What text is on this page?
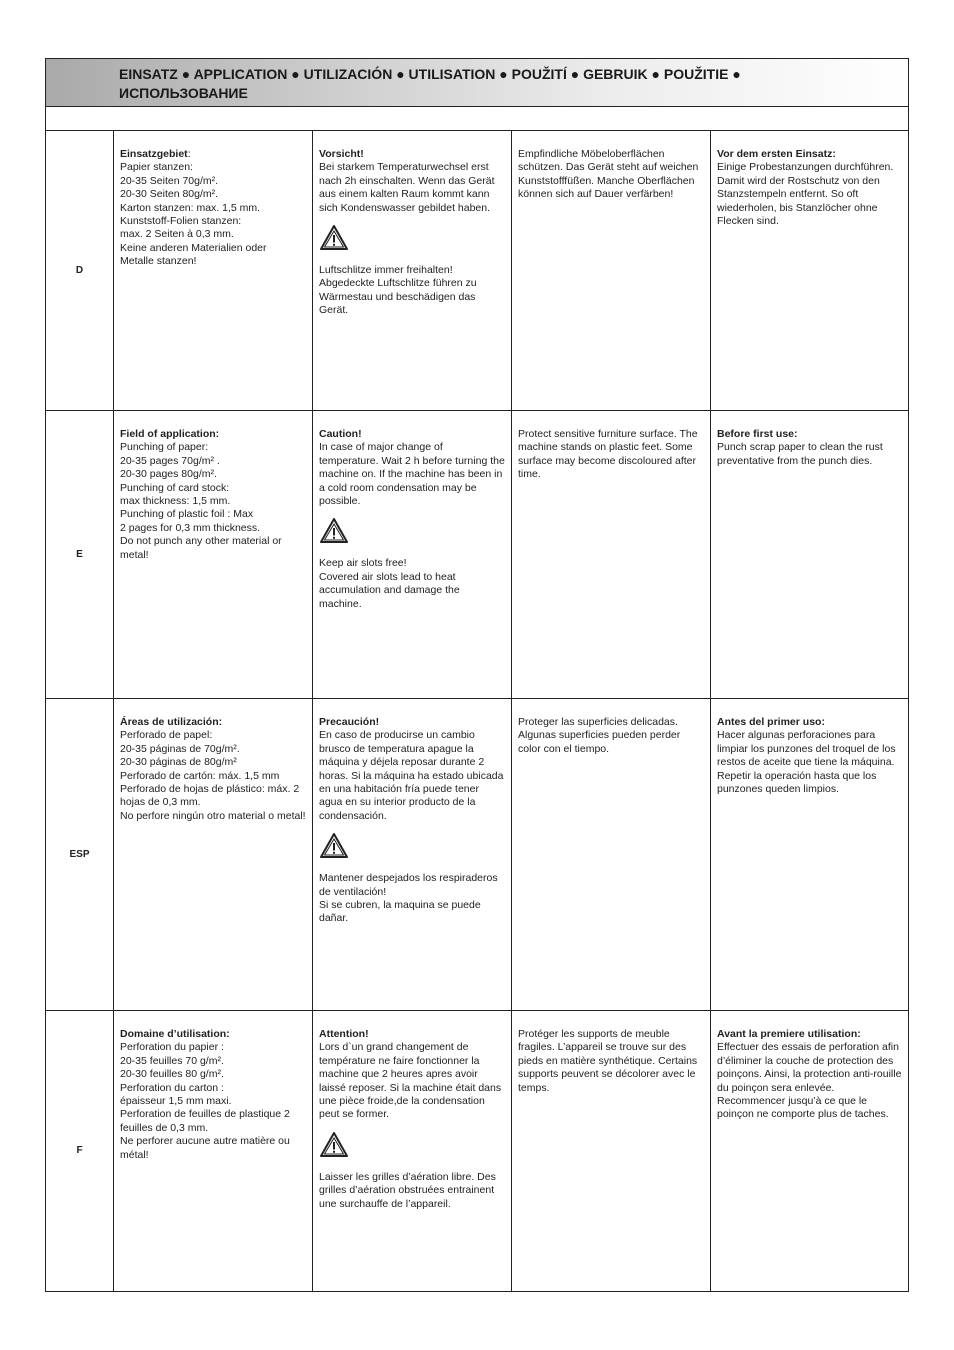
EINSATZ ● APPLICATION ● UTILIZACIÓN ● UTILISATION ● POUŽITÍ ● GEBRUIK ● POUŽITIE ● ИСПОЛЬЗОВАНИЕ
D
Einsatzgebiet:
Papier stanzen:
20-35 Seiten 70g/m².
20-30 Seiten 80g/m².
Karton stanzen: max. 1,5 mm.
Kunststoff-Folien stanzen:
max. 2 Seiten à 0,3 mm.
Keine anderen Materialien oder
Metalle stanzen!
Vorsicht!
Bei starkem Temperaturwechsel erst nach 2h einschalten. Wenn das Gerät aus einem kalten Raum kommt kann sich Kondenswasser gebildet haben.
Luftschlitze immer freihalten!
Abgedeckte Luftschlitze führen zu Wärmestau und beschädigen das Gerät.
Empfindliche Möbeloberflächen schützen. Das Gerät steht auf weichen Kunststofffüßen. Manche Oberflächen können sich auf Dauer verfärben!
Vor dem ersten Einsatz:
Einige Probestanzungen durchführen. Damit wird der Rostschutz von den Stanzstempeln entfernt. So oft wiederholen, bis Stanzlöcher ohne Flecken sind.
E
Field of application:
Punching of paper:
20-35 pages 70g/m² .
20-30 pages 80g/m².
Punching of card stock:
max thickness: 1,5 mm.
Punching of plastic foil : Max
2 pages for 0,3 mm thickness.
Do not punch any other material or metal!
Caution!
In case of major change of temperature. Wait 2 h before turning the machine on. If the machine has been in a cold room condensation may be possible.
Keep air slots free!
Covered air slots lead to heat accumulation and damage the machine.
Protect sensitive furniture surface. The machine stands on plastic feet. Some surface may become discoloured after time.
Before first use:
Punch scrap paper to clean the rust preventative from the punch dies.
ESP
Áreas de utilización:
Perforado de papel:
20-35 páginas de 70g/m².
20-30 páginas de 80g/m²
Perforado de cartón: máx. 1,5 mm
Perforado de hojas de plástico: máx. 2 hojas de 0,3 mm.
No perfore ningún otro material o metal!
Precaución!
En caso de producirse un cambio brusco de temperatura apague la máquina y déjela reposar durante 2 horas. Si la máquina ha estado ubicada en una habitación fría puede tener agua en su interior producto de la condensación.
Mantener despejados los respiraderos de ventilación!
Si se cubren, la maquina se puede dañar.
Proteger las superficies delicadas. Algunas superficies pueden perder color con el tiempo.
Antes del primer uso:
Hacer algunas perforaciones para limpiar los punzones del troquel de los restos de aceite que tiene la máquina. Repetir la operación hasta que los punzones queden limpios.
F
Domaine d’utilisation:
Perforation du papier :
20-35 feuilles 70 g/m².
20-30 feuilles 80 g/m².
Perforation du carton :
épaisseur 1,5 mm maxi.
Perforation de feuilles de plastique 2 feuilles de 0,3 mm.
Ne perforer aucune autre matière ou métal!
Attention!
Lors d`un grand changement de température ne faire fonctionner la machine que 2 heures apres avoir laissé reposer. Si la machine était dans une pièce froide,de la condensation peut se former.
Laisser les grilles d’aération libre. Des grilles d’aération obstruées entrainent une surchauffe de l’appareil.
Protéger les supports de meuble fragiles. L’appareil se trouve sur des pieds en matière synthétique. Certains supports peuvent se décolorer avec le temps.
Avant la premiere utilisation:
Effectuer des essais de perforation afin d’éliminer la couche de protection des poinçons. Ainsi, la protection anti-rouille du poinçon sera enlevée. Recommencer jusqu’à ce que le poinçon ne comporte plus de taches.
